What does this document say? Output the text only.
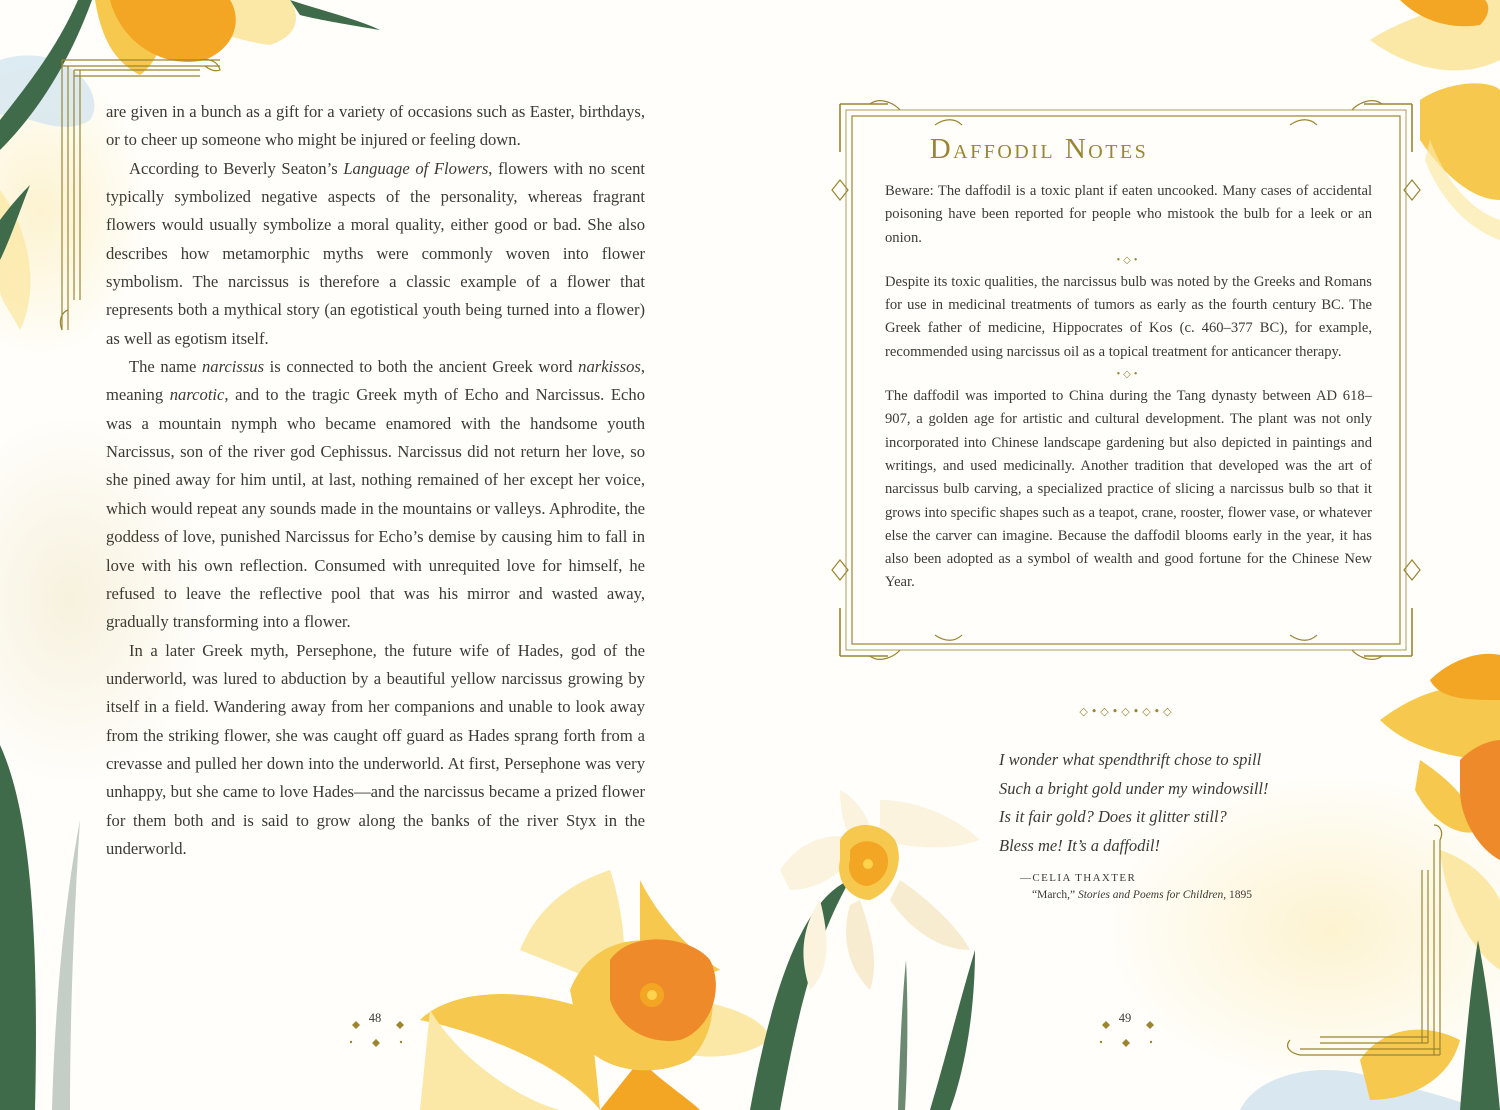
are given in a bunch as a gift for a variety of occasions such as Easter, birthdays, or to cheer up someone who might be injured or feeling down.

According to Beverly Seaton’s Language of Flowers, flowers with no scent typically symbolized negative aspects of the personality, whereas fragrant flowers would usually symbolize a moral quality, either good or bad. She also describes how metamorphic myths were commonly woven into flower symbolism. The narcissus is therefore a classic example of a flower that represents both a mythical story (an egotistical youth being turned into a flower) as well as egotism itself.

The name narcissus is connected to both the ancient Greek word narkissos, meaning narcotic, and to the tragic Greek myth of Echo and Narcissus. Echo was a mountain nymph who became enamored with the handsome youth Narcissus, son of the river god Cephissus. Narcissus did not return her love, so she pined away for him until, at last, nothing remained of her except her voice, which would repeat any sounds made in the mountains or valleys. Aphrodite, the goddess of love, punished Narcissus for Echo’s demise by causing him to fall in love with his own reflection. Consumed with unrequited love for himself, he refused to leave the reflective pool that was his mirror and wasted away, gradually transforming into a flower.

In a later Greek myth, Persephone, the future wife of Hades, god of the underworld, was lured to abduction by a beautiful yellow narcissus growing by itself in a field. Wandering away from her companions and unable to look away from the striking flower, she was caught off guard as Hades sprang forth from a crevasse and pulled her down into the underworld. At first, Persephone was very unhappy, but she came to love Hades—and the narcissus became a prized flower for them both and is said to grow along the banks of the river Styx in the underworld.

48
Daffodil Notes

Beware: The daffodil is a toxic plant if eaten uncooked. Many cases of accidental poisoning have been reported for people who mistook the bulb for a leek or an onion.

•◇•

Despite its toxic qualities, the narcissus bulb was noted by the Greeks and Romans for use in medicinal treatments of tumors as early as the fourth century BC. The Greek father of medicine, Hippocrates of Kos (c. 460–377 BC), for example, recommended using narcissus oil as a topical treatment for anticancer therapy.

•◇•

The daffodil was imported to China during the Tang dynasty between AD 618–907, a golden age for artistic and cultural development. The plant was not only incorporated into Chinese landscape gardening but also depicted in paintings and writings, and used medicinally. Another tradition that developed was the art of narcissus bulb carving, a specialized practice of slicing a narcissus bulb so that it grows into specific shapes such as a teapot, crane, rooster, flower vase, or whatever else the carver can imagine. Because the daffodil blooms early in the year, it has also been adopted as a symbol of wealth and good fortune for the Chinese New Year.

◇•◇•◇•◇•◇
I wonder what spendthrift chose to spill
Such a bright gold under my windowsill!
Is it fair gold? Does it glitter still?
Bless me! It’s a daffodil!
—CELIA THAXTER
“March,” Stories and Poems for Children, 1895
49
